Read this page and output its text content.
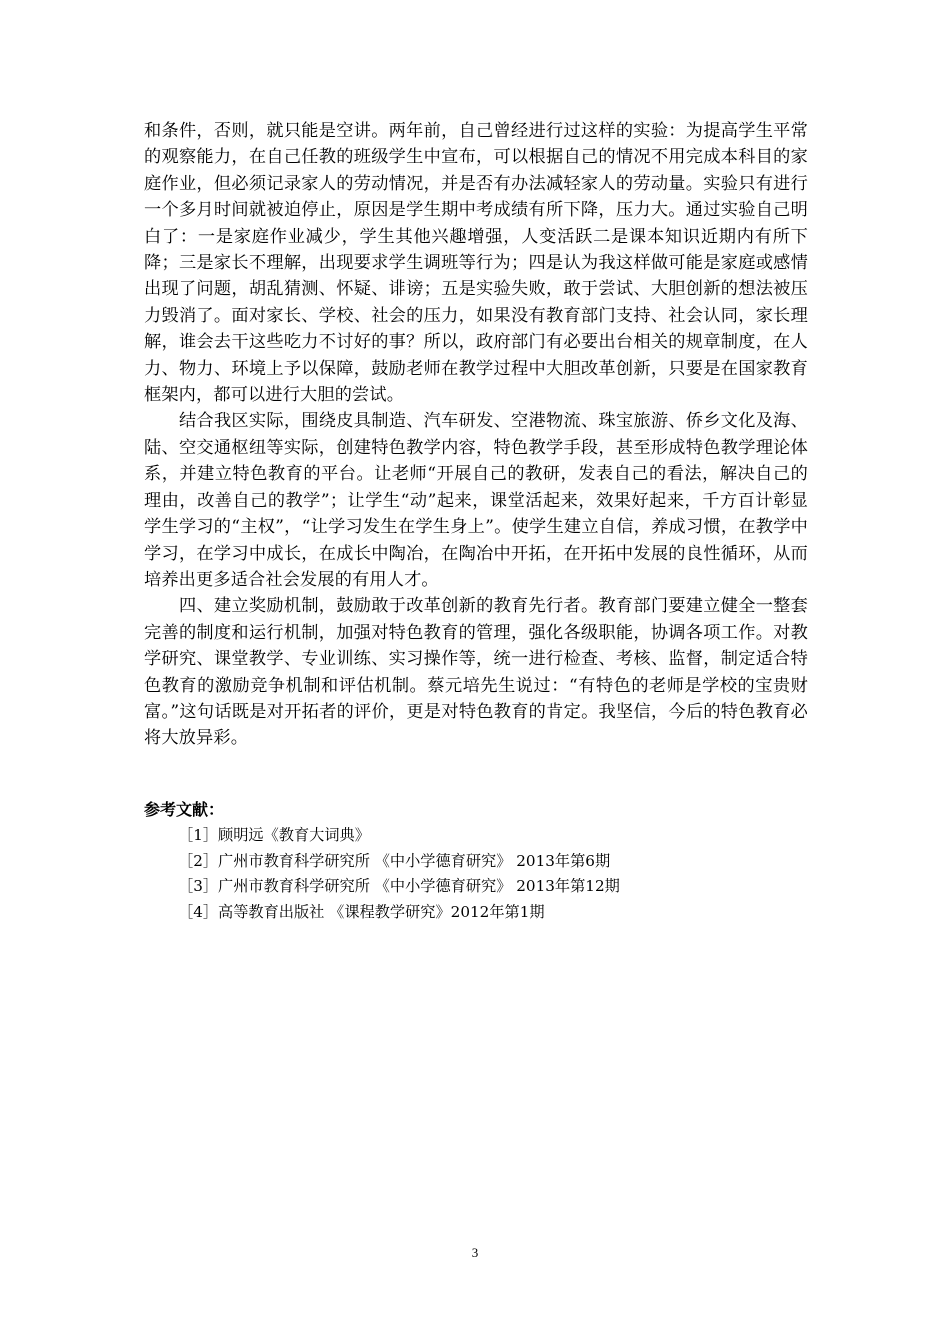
和条件，否则，就只能是空讲。两年前，自己曾经进行过这样的实验：为提高学生平常的观察能力，在自己任教的班级学生中宣布，可以根据自己的情况不用完成本科目的家庭作业，但必须记录家人的劳动情况，并是否有办法减轻家人的劳动量。实验只有进行一个多月时间就被迫停止，原因是学生期中考成绩有所下降，压力大。通过实验自己明白了：一是家庭作业减少，学生其他兴趣增强，人变活跃二是课本知识近期内有所下降；三是家长不理解，出现要求学生调班等行为；四是认为我这样做可能是家庭或感情出现了问题，胡乱猜测、怀疑、诽谤；五是实验失败，敢于尝试、大胆创新的想法被压力毁消了。面对家长、学校、社会的压力，如果没有教育部门支持、社会认同，家长理解，谁会去干这些吃力不讨好的事？所以，政府部门有必要出台相关的规章制度，在人力、物力、环境上予以保障，鼓励老师在教学过程中大胆改革创新，只要是在国家教育框架内，都可以进行大胆的尝试。

结合我区实际，围绕皮具制造、汽车研发、空港物流、珠宝旅游、侨乡文化及海、陆、空交通枢纽等实际，创建特色教学内容，特色教学手段，甚至形成特色教学理论体系，并建立特色教育的平台。让老师“开展自己的教研，发表自己的看法，解决自己的理由，改善自己的教学”；让学生“动”起来，课堂活起来，效果好起来，千方百计彰显学生学习的“主权”，“让学习发生在学生身上”。使学生建立自信，养成习惯，在教学中学习，在学习中成长，在成长中陶冶，在陶冶中开拓，在开拓中发展的良性循环，从而培养出更多适合社会发展的有用人才。

四、建立奖励机制，鼓励敢于改革创新的教育先行者。教育部门要建立健全一整套完善的制度和运行机制，加强对特色教育的管理，强化各级职能，协调各项工作。对教学研究、课堂教学、专业训练、实习操作等，统一进行检查、考核、监督，制定适合特色教育的激励竞争机制和评估机制。蔡元培先生说过：“有特色的老师是学校的宝贵财富。”这句话既是对开拓者的评价，更是对特色教育的肯定。我坚信，今后的特色教育必将大放异彩。

参考文献：

［1］顾明远《教育大词典》
［2］广州市教育科学研究所 《中小学德育研究》 2013年第6期
［3］广州市教育科学研究所 《中小学德育研究》 2013年第12期
［4］高等教育出版社 《课程教学研究》2012年第1期
3
